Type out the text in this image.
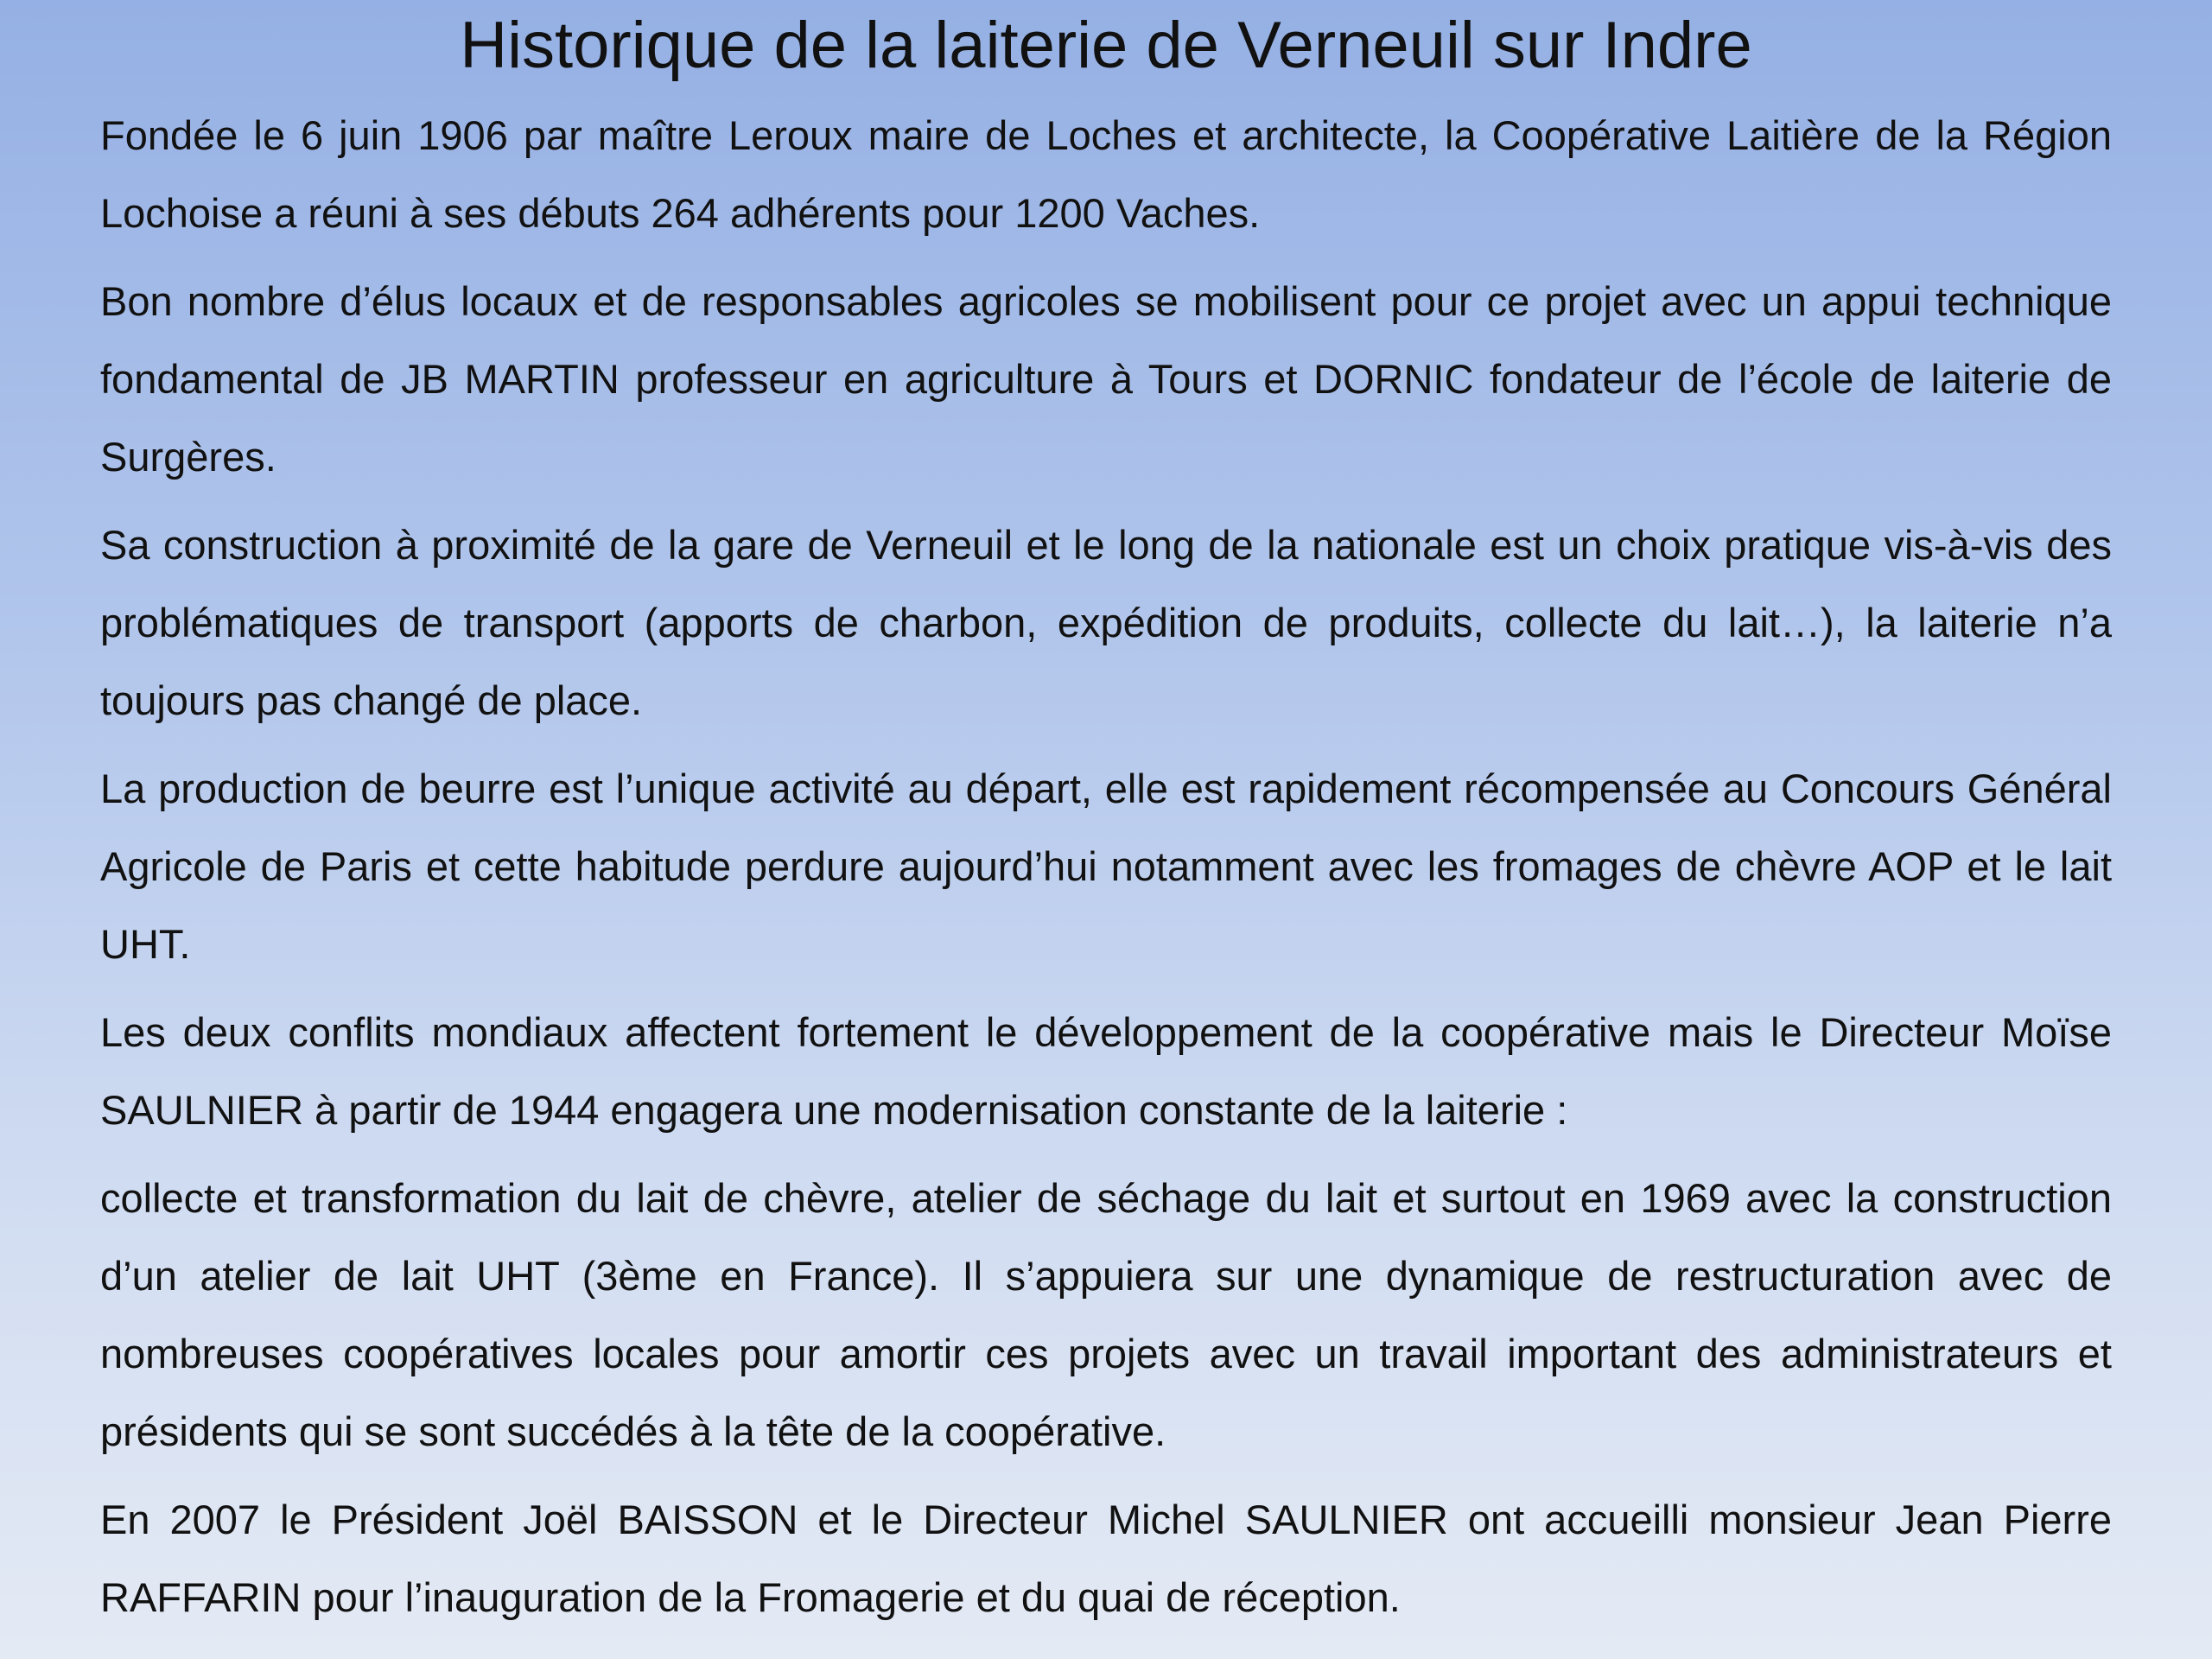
Historique de la laiterie de Verneuil sur Indre

Fondée le 6 juin 1906 par maître Leroux maire de Loches et architecte, la Coopérative Laitière de la Région Lochoise a réuni à ses débuts 264 adhérents pour 1200 Vaches.

Bon nombre d’élus locaux et de responsables agricoles se mobilisent pour ce projet avec un appui technique fondamental de JB MARTIN professeur en agriculture à Tours et DORNIC fondateur de l’école de laiterie de Surgères.

Sa construction à proximité de la gare de Verneuil et le long de la nationale est un choix pratique vis-à-vis des problématiques de transport (apports de charbon, expédition de produits, collecte du lait…), la laiterie n’a toujours pas changé de place.

La production de beurre est l’unique activité au départ, elle est rapidement récompensée au Concours Général Agricole de Paris et cette habitude perdure aujourd’hui notamment avec les fromages de chèvre AOP et le lait UHT.

Les deux conflits mondiaux affectent fortement le développement de la coopérative mais le Directeur Moïse SAULNIER à partir de 1944 engagera une modernisation constante de la laiterie :

collecte et transformation du lait de chèvre, atelier de séchage du lait et surtout en 1969 avec la construction d’un atelier de lait UHT (3ème en France). Il s’appuiera sur une dynamique de restructuration avec de nombreuses coopératives locales pour amortir ces projets avec un travail important des administrateurs et présidents qui se sont succédés à la tête de la coopérative.

En 2007 le Président Joël BAISSON et le Directeur Michel SAULNIER ont accueilli monsieur Jean Pierre RAFFARIN pour l’inauguration de la Fromagerie et du quai de réception.
